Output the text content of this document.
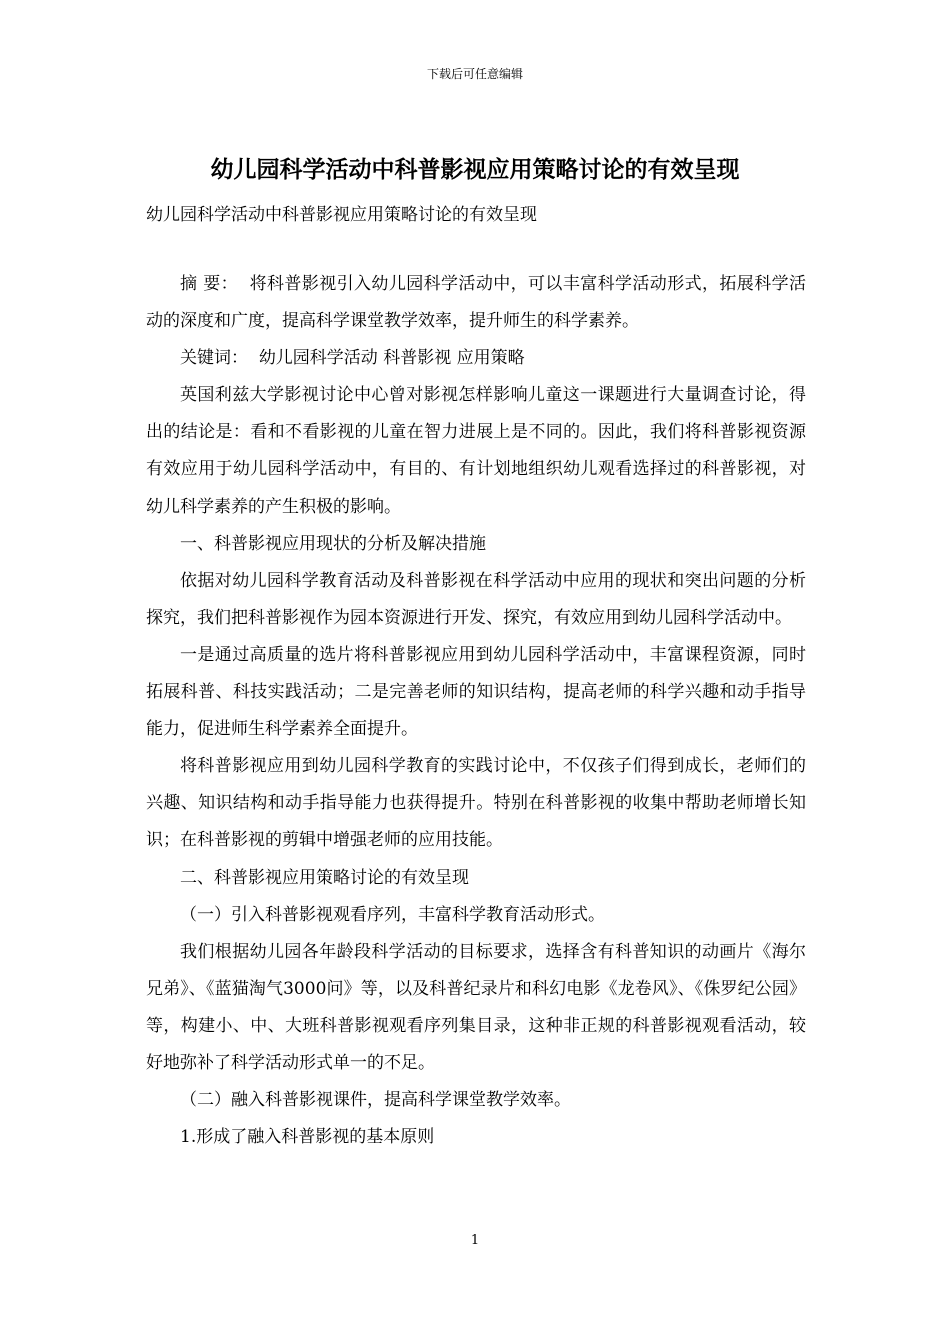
下载后可任意编辑
幼儿园科学活动中科普影视应用策略讨论的有效呈现
幼儿园科学活动中科普影视应用策略讨论的有效呈现

摘 要： 将科普影视引入幼儿园科学活动中，可以丰富科学活动形式，拓展科学活动的深度和广度，提高科学课堂教学效率，提升师生的科学素养。

关键词： 幼儿园科学活动 科普影视 应用策略

英国利兹大学影视讨论中心曾对影视怎样影响儿童这一课题进行大量调查讨论，得出的结论是：看和不看影视的儿童在智力进展上是不同的。因此，我们将科普影视资源有效应用于幼儿园科学活动中，有目的、有计划地组织幼儿观看选择过的科普影视，对幼儿科学素养的产生积极的影响。

一、科普影视应用现状的分析及解决措施

依据对幼儿园科学教育活动及科普影视在科学活动中应用的现状和突出问题的分析探究，我们把科普影视作为园本资源进行开发、探究，有效应用到幼儿园科学活动中。

一是通过高质量的选片将科普影视应用到幼儿园科学活动中，丰富课程资源，同时拓展科普、科技实践活动；二是完善老师的知识结构，提高老师的科学兴趣和动手指导能力，促进师生科学素养全面提升。

将科普影视应用到幼儿园科学教育的实践讨论中，不仅孩子们得到成长，老师们的兴趣、知识结构和动手指导能力也获得提升。特别在科普影视的收集中帮助老师增长知识；在科普影视的剪辑中增强老师的应用技能。

二、科普影视应用策略讨论的有效呈现

（一）引入科普影视观看序列，丰富科学教育活动形式。

我们根据幼儿园各年龄段科学活动的目标要求，选择含有科普知识的动画片《海尔兄弟》、《蓝猫淘气3000问》等，以及科普纪录片和科幻电影《龙卷风》、《侏罗纪公园》等，构建小、中、大班科普影视观看序列集目录，这种非正规的科普影视观看活动，较好地弥补了科学活动形式单一的不足。

（二）融入科普影视课件，提高科学课堂教学效率。

1.形成了融入科普影视的基本原则

1
